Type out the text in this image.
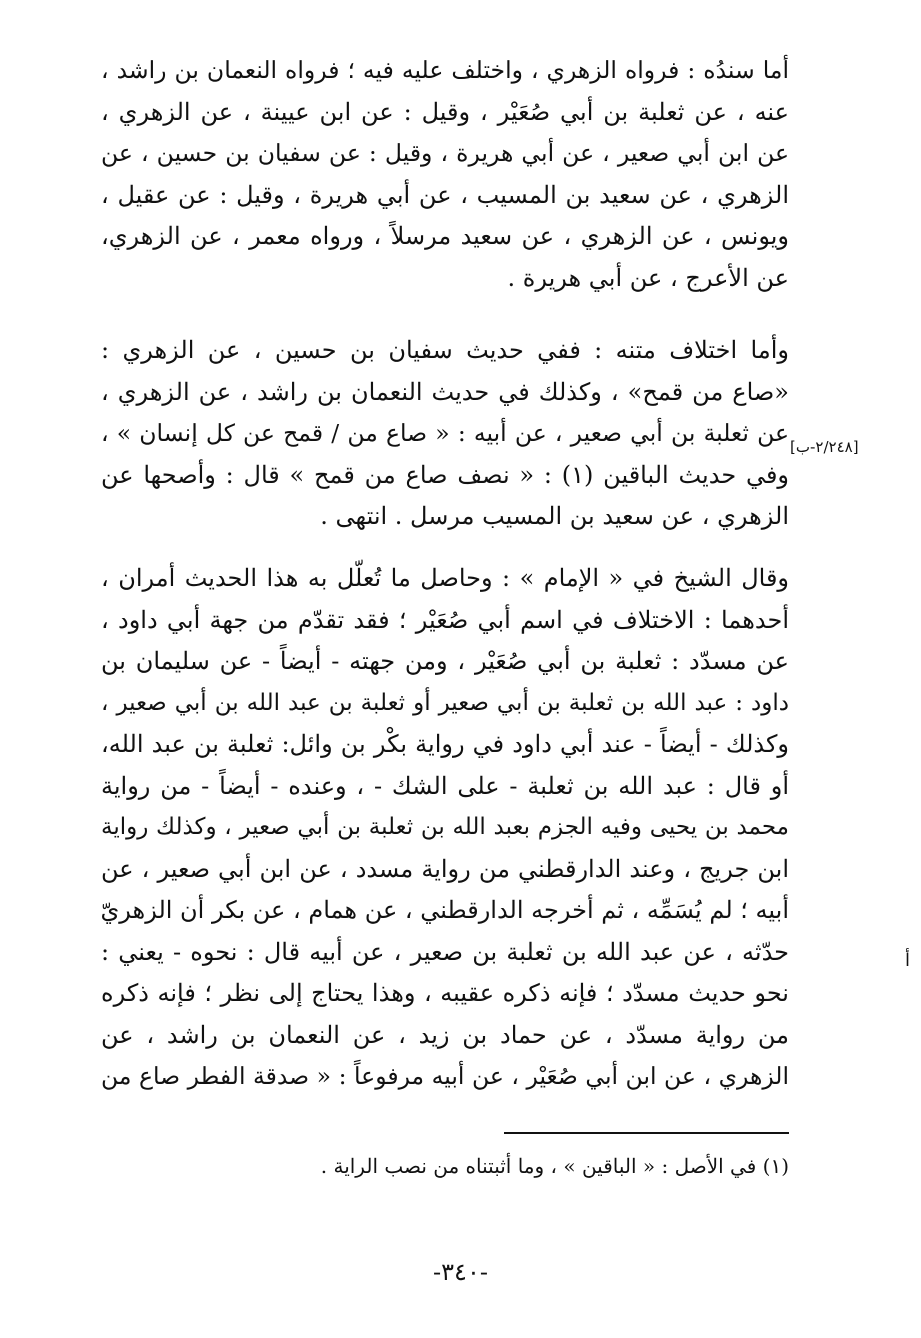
أما سندُه : فرواه الزهري ، واختلف عليه فيه ؛ فرواه النعمان بن راشد ،
عنه ، عن ثعلبة بن أبي صُعَيْر ، وقيل : عن ابن عيينة ، عن الزهري ،
عن ابن أبي صعير ، عن أبي هريرة ، وقيل : عن سفيان بن حسين ، عن
الزهري ، عن سعيد بن المسيب ، عن أبي هريرة ، وقيل : عن عقيل ،
ويونس ، عن الزهري ، عن سعيد مرسلاً ، ورواه معمر ، عن الزهري،
عن الأعرج ، عن أبي هريرة .
وأما اختلاف متنه : ففي حديث سفيان بن حسين ، عن الزهري :
«صاع من قمح» ، وكذلك في حديث النعمان بن راشد ، عن الزهري ،
عن ثعلبة بن أبي صعير ، عن أبيه : « صاع من / قمح عن كل إنسان » ،
وفي حديث الباقين (١) : « نصف صاع من قمح » قال : وأصحها عن
الزهري ، عن سعيد بن المسيب مرسل . انتهى .
[٢/٢٤٨-ب]
وقال الشيخ في « الإمام » : وحاصل ما تُعلّل به هذا الحديث أمران ،
أحدهما : الاختلاف في اسم أبي صُعَيْر ؛ فقد تقدّم من جهة أبي داود ،
عن مسدّد : ثعلبة بن أبي صُعَيْر ، ومن جهته - أيضاً - عن سليمان بن
داود : عبد الله بن ثعلبة بن أبي صعير أو ثعلبة بن عبد الله بن أبي صعير ،
وكذلك - أيضاً - عند أبي داود في رواية بكْر بن وائل: ثعلبة بن عبد الله،
أو قال : عبد الله بن ثعلبة - على الشك - ، وعنده - أيضاً - من رواية
محمد بن يحيى وفيه الجزم بعبد الله بن ثعلبة بن أبي صعير ، وكذلك رواية
ابن جريج ، وعند الدارقطني من رواية مسدد ، عن ابن أبي صعير ، عن
أبيه ؛ لم يُسَمِّه ، ثم أخرجه الدارقطني ، عن همام ، عن بكر أن الزهريّ
حدّثه ، عن عبد الله بن ثعلبة بن صعير ، عن أبيه قال : نحوه - يعني :
نحو حديث مسدّد ؛ فإنه ذكره عقيبه ، وهذا يحتاج إلى نظر ؛ فإنه ذكره
من رواية مسدّد ، عن حماد بن زيد ، عن النعمان بن راشد ، عن
الزهري ، عن ابن أبي صُعَيْر ، عن أبيه مرفوعاً : « صدقة الفطر صاع من
أ
(١) في الأصل : « الباقين » ، وما أثبتناه من نصب الراية .
-٣٤٠-
